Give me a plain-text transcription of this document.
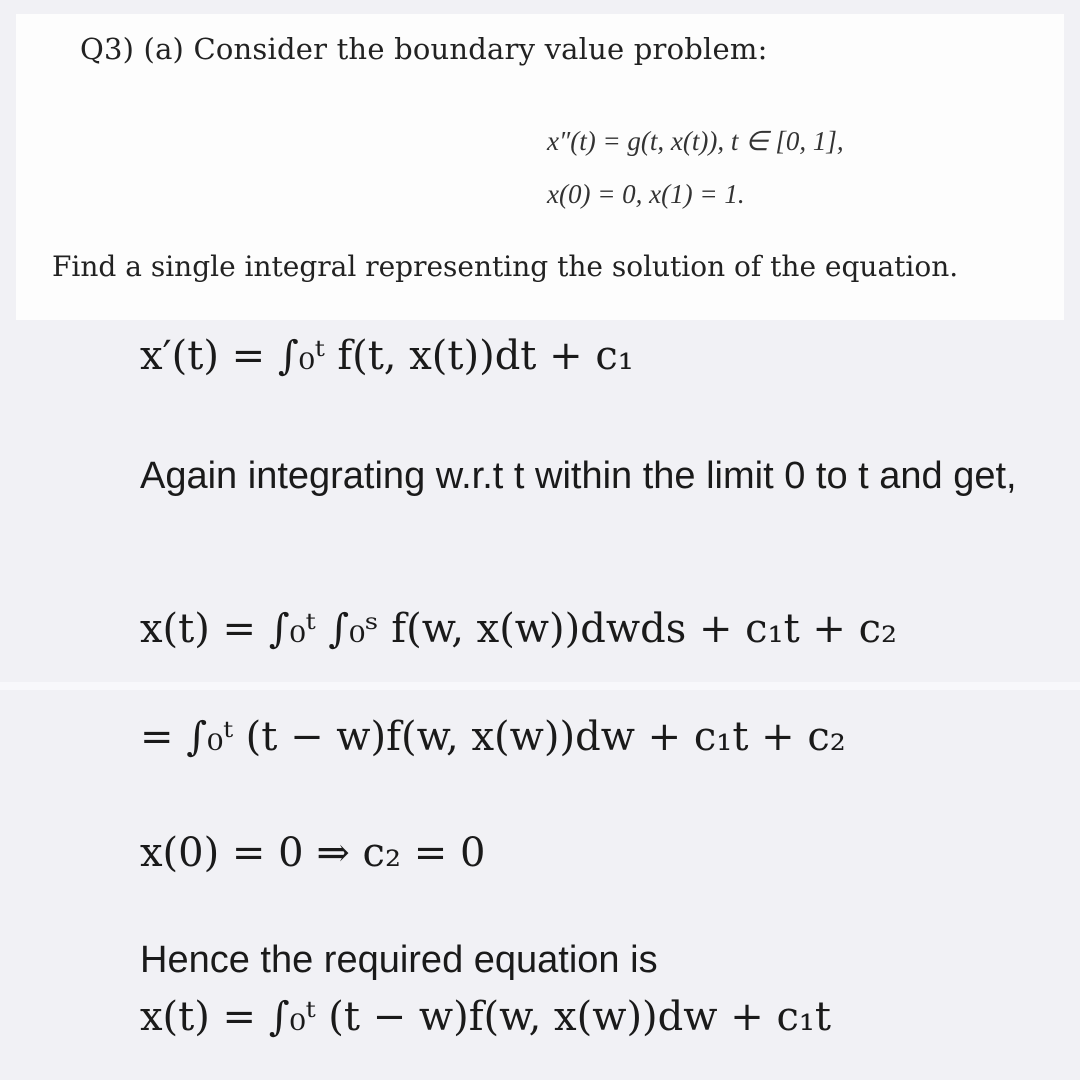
Q3) (a) Consider the boundary value problem:
x″(t) = g(t, x(t)), t ∈ [0, 1],
x(0) = 0, x(1) = 1.
Find a single integral representing the solution of the equation.
x′(t) = ∫₀ᵗ f(t, x(t))dt + c₁
Again integrating w.r.t t within the limit 0 to t and get,
x(t) = ∫₀ᵗ ∫₀ˢ f(w, x(w))dwds + c₁t + c₂
= ∫₀ᵗ (t − w)f(w, x(w))dw + c₁t + c₂
x(0) = 0 ⇒ c₂ = 0
Hence the required equation is
x(t) = ∫₀ᵗ (t − w)f(w, x(w))dw + c₁t
